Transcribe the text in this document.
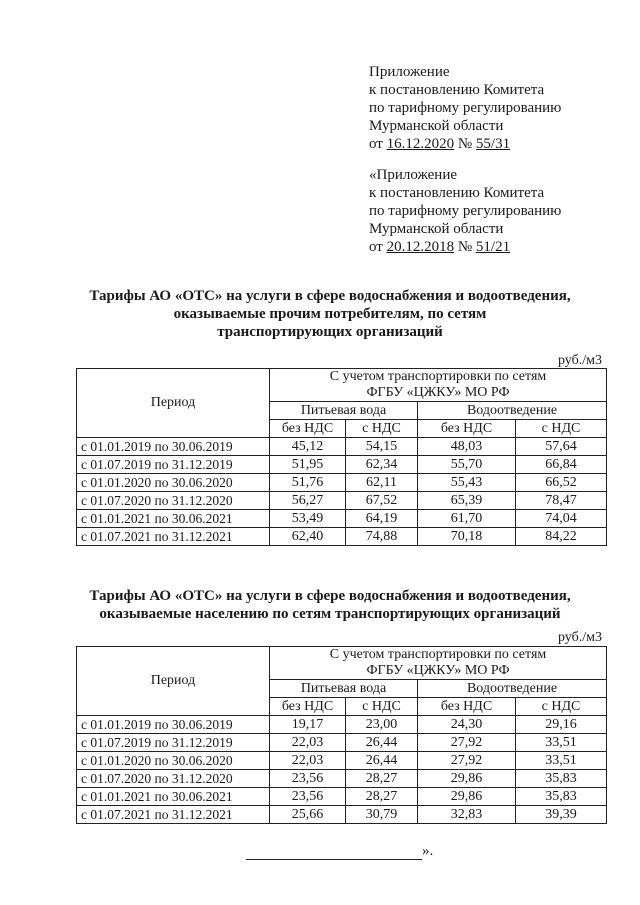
Приложение
к постановлению Комитета
по тарифному регулированию
Мурманской области
от 16.12.2020 № 55/31
«Приложение
к постановлению Комитета
по тарифному регулированию
Мурманской области
от 20.12.2018 № 51/21
Тарифы АО «ОТС» на услуги в сфере водоснабжения и водоотведения,
оказываемые прочим потребителям, по сетям
транспортирующих организаций
руб./м3
Период	С учетом транспортировки по сетям
ФГБУ «ЦЖКУ» МО РФ			

	Питьевая вода		Водоотведение	
	без НДС	с НДС	без НДС	с НДС
с 01.01.2019 по 30.06.2019	45,12	54,15	48,03	57,64
с 01.07.2019 по 31.12.2019	51,95	62,34	55,70	66,84
с 01.01.2020 по 30.06.2020	51,76	62,11	55,43	66,52
с 01.07.2020 по 31.12.2020	56,27	67,52	65,39	78,47
с 01.01.2021 по 30.06.2021	53,49	64,19	61,70	74,04
с 01.07.2021 по 31.12.2021	62,40	74,88	70,18	84,22
Тарифы АО «ОТС» на услуги в сфере водоснабжения и водоотведения,
оказываемые населению по сетям транспортирующих организаций
руб./м3
Период	С учетом транспортировки по сетям
ФГБУ «ЦЖКУ» МО РФ			

	Питьевая вода		Водоотведение	
	без НДС	с НДС	без НДС	с НДС
с 01.01.2019 по 30.06.2019	19,17	23,00	24,30	29,16
с 01.07.2019 по 31.12.2019	22,03	26,44	27,92	33,51
с 01.01.2020 по 30.06.2020	22,03	26,44	27,92	33,51
с 01.07.2020 по 31.12.2020	23,56	28,27	29,86	35,83
с 01.01.2021 по 30.06.2021	23,56	28,27	29,86	35,83
с 01.07.2021 по 31.12.2021	25,66	30,79	32,83	39,39
».
